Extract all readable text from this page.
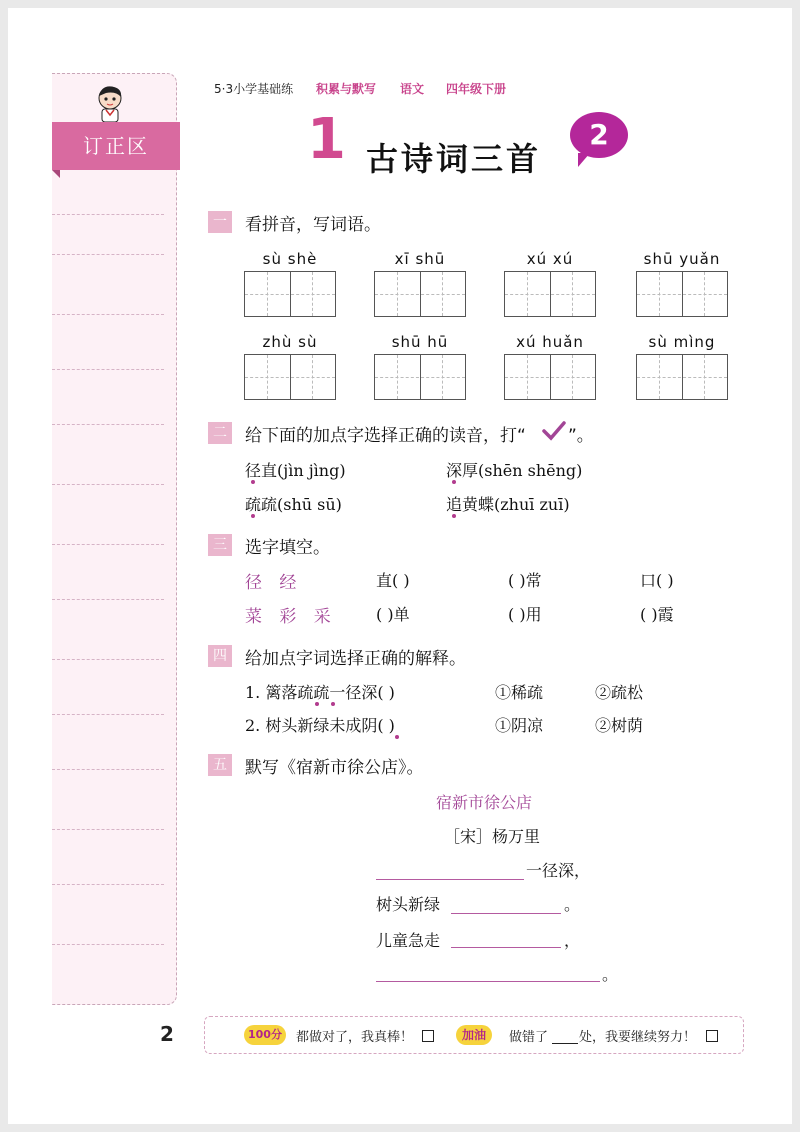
订正区
5·3小学基础练 积累与默写 语文 四年级下册
1 古诗词三首
2
一 看拼音，写词语。
sù shè	xī shū	xú xú	shū yuǎn
zhù sù	shū hū	xú huǎn	sù mìng
二 给下面的加点字选择正确的读音，打“ ”。
径直(jìn jìng)	深厚(shēn shēng)
疏疏(shū sū)	追黄蝶(zhuī zuī)
三 选字填空。
径 经	直( )	( )常	口( )
菜 彩 采	( )单	( )用	( )霞
四 给加点字词选择正确的解释。
1. 篱落疏疏一径深( )	①稀疏	②疏松
2. 树头新绿未成阴( )	①阴凉	②树荫
五 默写《宿新市徐公店》。
宿新市徐公店
［宋］杨万里
一径深，
树头新绿	。
儿童急走	，
。
2	100分	都做对了，我真棒！	加油	做错了 处，我要继续努力！
